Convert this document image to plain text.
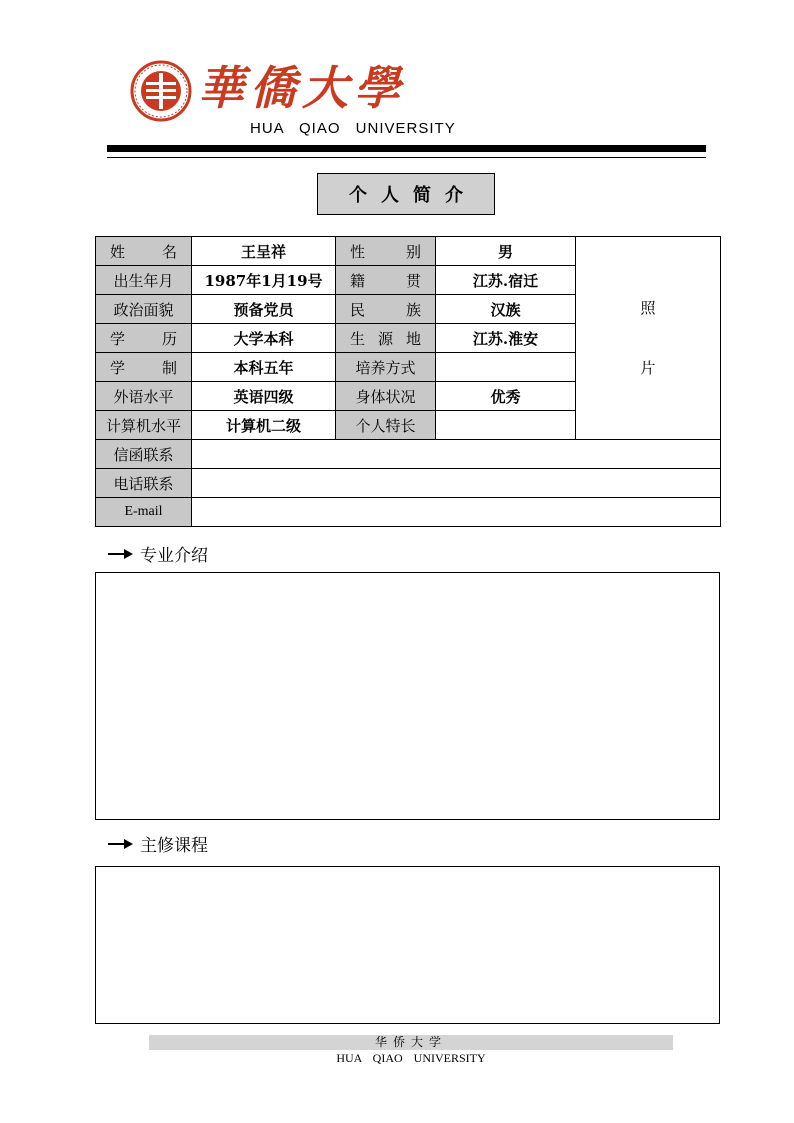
華僑大學
HUA QIAO UNIVERSITY
个人简介
姓 名	王呈祥	性 别	男	照
片

出生年月	1987年1月19号	籍 贯	江苏.宿迁	
政治面貌	预备党员	民 族	汉族	
学 历	大学本科	生 源 地	江苏.淮安	
学 制	本科五年	培养方式		
外语水平	英语四级	身体状况	优秀	
计算机水平	计算机二级	个人特长		
信函联系				
电话联系				
E-mail				
专业介绍
主修课程
华侨大学
HUA QIAO UNIVERSITY
